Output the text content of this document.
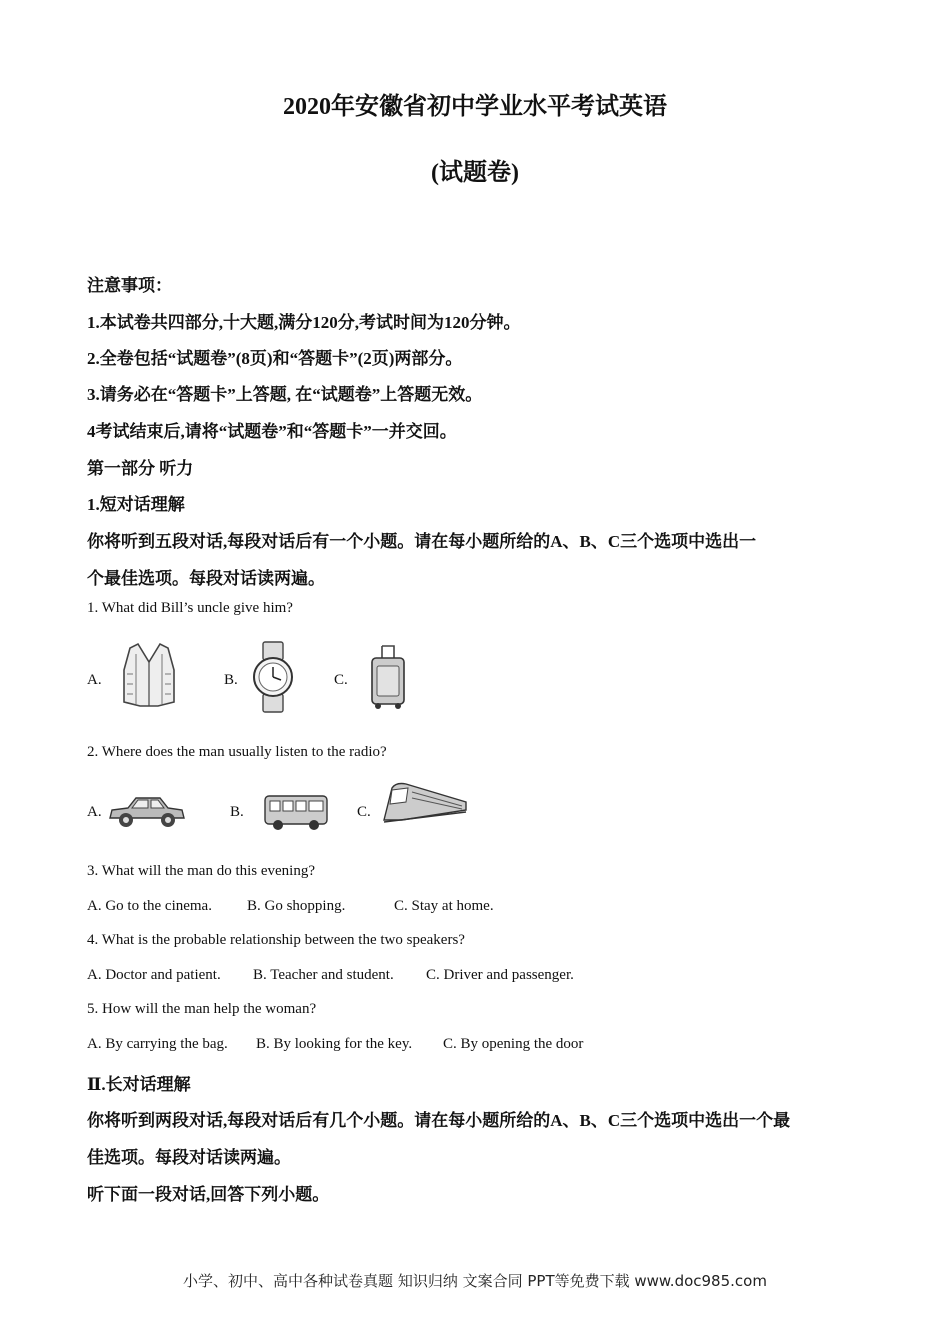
2020年安徽省初中学业水平考试英语
(试题卷)
注意事项：
1.本试卷共四部分,十大题,满分120分,考试时间为120分钟。
2.全卷包括“试题卷”(8页)和“答题卡”(2页)两部分。
3.请务必在“答题卡”上答题, 在“试题卷”上答题无效。
4考试结束后,请将“试题卷”和“答题卡”一并交回。
第一部分 听力
1.短对话理解
你将听到五段对话,每段对话后有一个小题。请在每小题所给的A、B、C三个选项中选出一
个最佳选项。每段对话读两遍。
1. What did Bill’s uncle give him?
A.	B.	C.
2. Where does the man usually listen to the radio?
A.	B.	C.
3. What will the man do this evening?
A. Go to the cinema. B. Go shopping.	C. Stay at home.
4. What is the probable relationship between the two speakers?
A. Doctor and patient. B. Teacher and student. C. Driver and passenger.
5. How will the man help the woman?
A. By carrying the bag. B. By looking for the key. C. By opening the door
Ⅱ.长对话理解
你将听到两段对话,每段对话后有几个小题。请在每小题所给的A、B、C三个选项中选出一个最
佳选项。每段对话读两遍。
听下面一段对话,回答下列小题。
小学、初中、高中各种试卷真题 知识归纳 文案合同 PPT等免费下载 www.doc985.com
